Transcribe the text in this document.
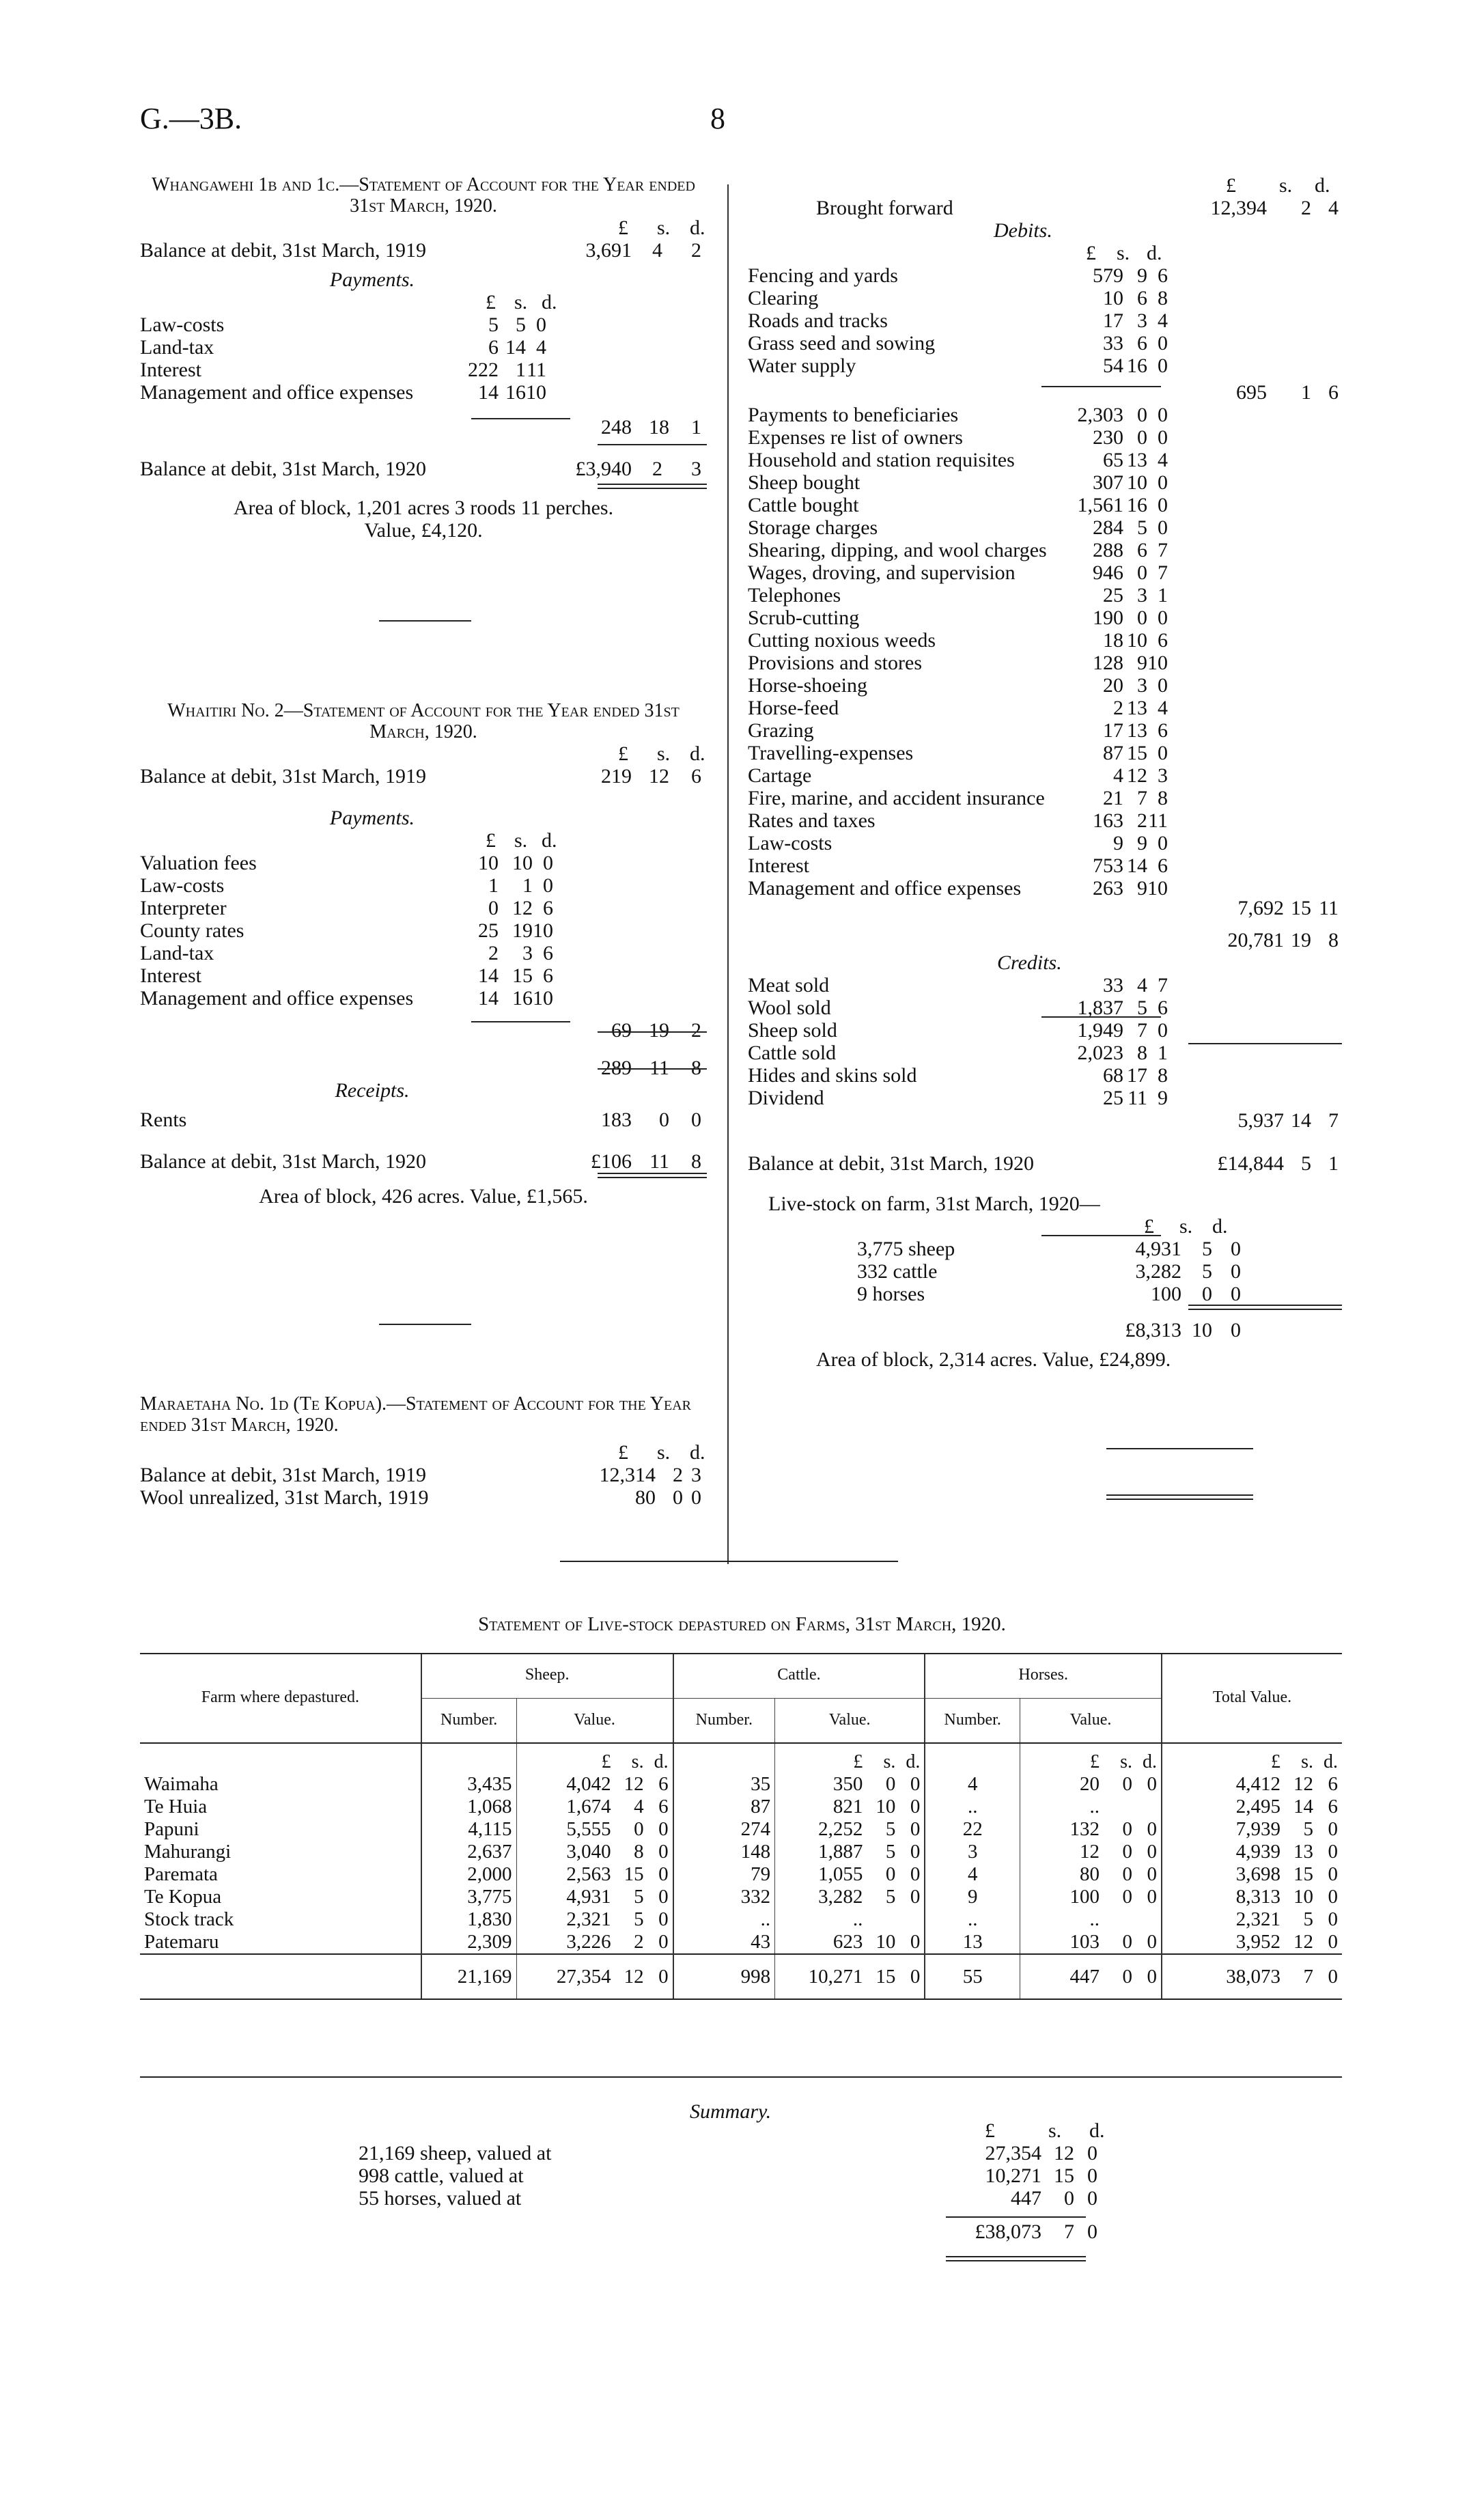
G.—3B.	8
Whangawehi 1b and 1c.—Statement of Account for the Year ended 31st March, 1920.
£ s. d.
Balance at debit, 31st March, 1919	3,691 4 2
Payments.
£ s. d.
Law-costs	5 5 0
Land-tax	6 14 4
Interest	222 1 11
Management and office expenses	14 16 10
248 18 1
Balance at debit, 31st March, 1920	£3,940 2 3
Area of block, 1,201 acres 3 roods 11 perches.
Value, £4,120.
Whaitiri No. 2—Statement of Account for the Year ended 31st March, 1920.
£ s. d.
Balance at debit, 31st March, 1919	219 12 6
Payments.
£ s. d.
Valuation fees	10 10 0
Law-costs	1 1 0
Interpreter	0 12 6
County rates	25 19 10
Land-tax	2 3 6
Interest	14 15 6
Management and office expenses	14 16 10
69 19 2
289 11 8
Receipts.
Rents	183 0 0
Balance at debit, 31st March, 1920	£106 11 8
Area of block, 426 acres. Value, £1,565.
Maraetaha No. 1d (Te Kopua).—Statement of Account for the Year ended 31st March, 1920.
£ s. d.
Balance at debit, 31st March, 1919	12,314 2 3
Wool unrealized, 31st March, 1919	80 0 0
£ s. d.
Brought forward	12,394 2 4
Debits.
£ s. d.
Fencing and yards	579 9 6
Clearing	10 6 8
Roads and tracks	17 3 4
Grass seed and sowing	33 6 0
Water supply	54 16 0
695 1 6
Payments to beneficiaries	2,303 0 0
Expenses re list of owners	230 0 0
Household and station requisites	65 13 4
Sheep bought	307 10 0
Cattle bought	1,561 16 0
Storage charges	284 5 0
Shearing, dipping, and wool charges 288 6 7
Wages, droving, and supervision	946 0 7
Telephones	25 3 1
Scrub-cutting	190 0 0
Cutting noxious weeds	18 10 6
Provisions and stores	128 9 10
Horse-shoeing	20 3 0
Horse-feed	2 13 4
Grazing	17 13 6
Travelling-expenses	87 15 0
Cartage	4 12 3
Fire, marine, and accident insurance	21 7 8
Rates and taxes	163 2 11
Law-costs	9 9 0
Interest	753 14 6
Management and office expenses	263 9 10
7,692 15 11
20,781 19 8
Credits.
Meat sold	33 4 7
Wool sold	1,837 5 6
Sheep sold	1,949 7 0
Cattle sold	2,023 8 1
Hides and skins sold	68 17 8
Dividend	25 11 9
5,937 14 7
Balance at debit, 31st March, 1920	£14,844 5 1
Live-stock on farm, 31st March, 1920—
£ s. d.
3,775 sheep	4,931 5 0
332 cattle	3,282 5 0
9 horses	100 0 0
£8,313 10 0
Area of block, 2,314 acres. Value, £24,899.
Statement of Live-stock depastured on Farms, 31st March, 1920.
Farm where depastured.	Sheep.		Cattle.		Horses.		Total Value.
	Number.	Value.	Number.	Value.	Number.	Value.	
		£ s. d.		£ s. d.		£ s. d.	£ s. d.
Waimaha	3,435	4,042 12 6	35	350 0 0	4	20 0 0	4,412 12 6
Te Huia	1,068	1,674 4 6	87	821 10 0	..	..	2,495 14 6
Papuni	4,115	5,555 0 0	274	2,252 5 0	22	132 0 0	7,939 5 0
Mahurangi	2,637	3,040 8 0	148	1,887 5 0	3	12 0 0	4,939 13 0
Paremata	2,000	2,563 15 0	79	1,055 0 0	4	80 0 0	3,698 15 0
Te Kopua	3,775	4,931 5 0	332	3,282 5 0	9	100 0 0	8,313 10 0
Stock track	1,830	2,321 5 0	..	..	..	..	2,321 5 0
Patemaru	2,309	3,226 2 0	43	623 10 0	13	103 0 0	3,952 12 0
	21,169	27,354 12 0	998	10,271 15 0	55	447 0 0	38,073 7 0
Summary.
£	s. d.
21,169 sheep, valued at	27,354 12 0
998 cattle, valued at	10,271 15 0
55 horses, valued at	447 0 0
£38,073 7 0
